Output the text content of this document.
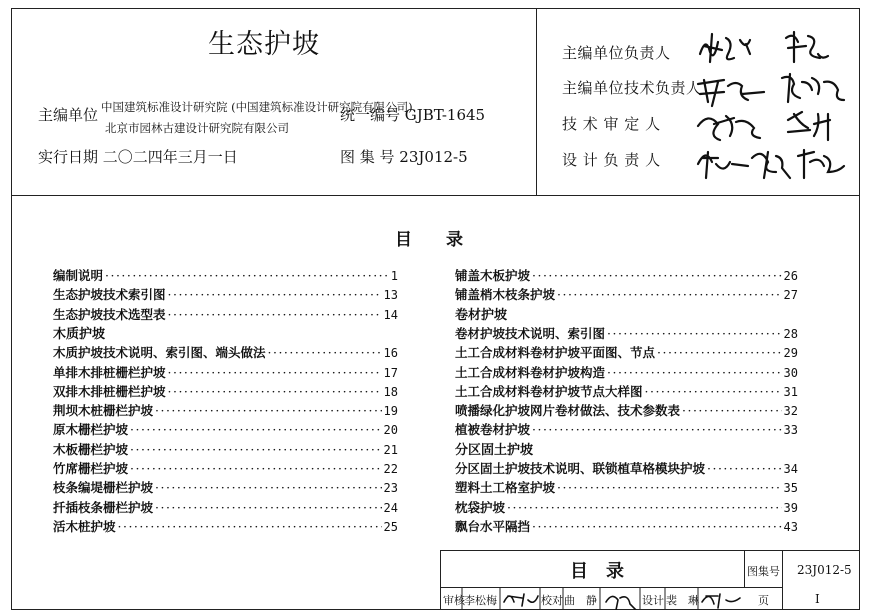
生态护坡
主编单位 中国建筑标准设计研究院 (中国建筑标准设计研究院有限公司)
北京市园林古建设计研究院有限公司
统一编号 GJBT-1645
实行日期 二〇二四年三月一日	图 集 号 23J012-5
主编单位负责人
主编单位技术负责人
技 术 审 定 人
设 计 负 责 人
目　　录
编制说明 ·····	1
生态护坡技术索引图 ·····	13
生态护坡技术选型表 ·····	14
木质护坡
木质护坡技术说明、索引图、端头做法 ·····	16
单排木排桩栅栏护坡 ·····	17
双排木排桩栅栏护坡 ·····	18
荆坝木桩栅栏护坡 ·····	19
原木栅栏护坡 ·····	20
木板栅栏护坡 ·····	21
竹席栅栏护坡 ·····	22
枝条编堤栅栏护坡 ·····	23
扦插枝条栅栏护坡 ·····	24
活木桩护坡 ·····	25
铺盖木板护坡 ·····	26
铺盖梢木枝条护坡 ·····	27
卷材护坡
卷材护坡技术说明、索引图 ·····	28
土工合成材料卷材护坡平面图、节点 ·····	29
土工合成材料卷材护坡构造 ·····	30
土工合成材料卷材护坡节点大样图 ·····	31
喷播绿化护坡网片卷材做法、技术参数表 ·····	32
植被卷材护坡 ·····	33
分区固土护坡
分区固土护坡技术说明、联锁植草格模块护坡 ·····	34
塑料土工格室护坡 ·····	35
枕袋护坡 ·····	39
飘台水平隔挡 ·····	43
目　录	图集号 23J012-5
页	I
审核 李松梅	校对 曲　静	设计 裴　琳
